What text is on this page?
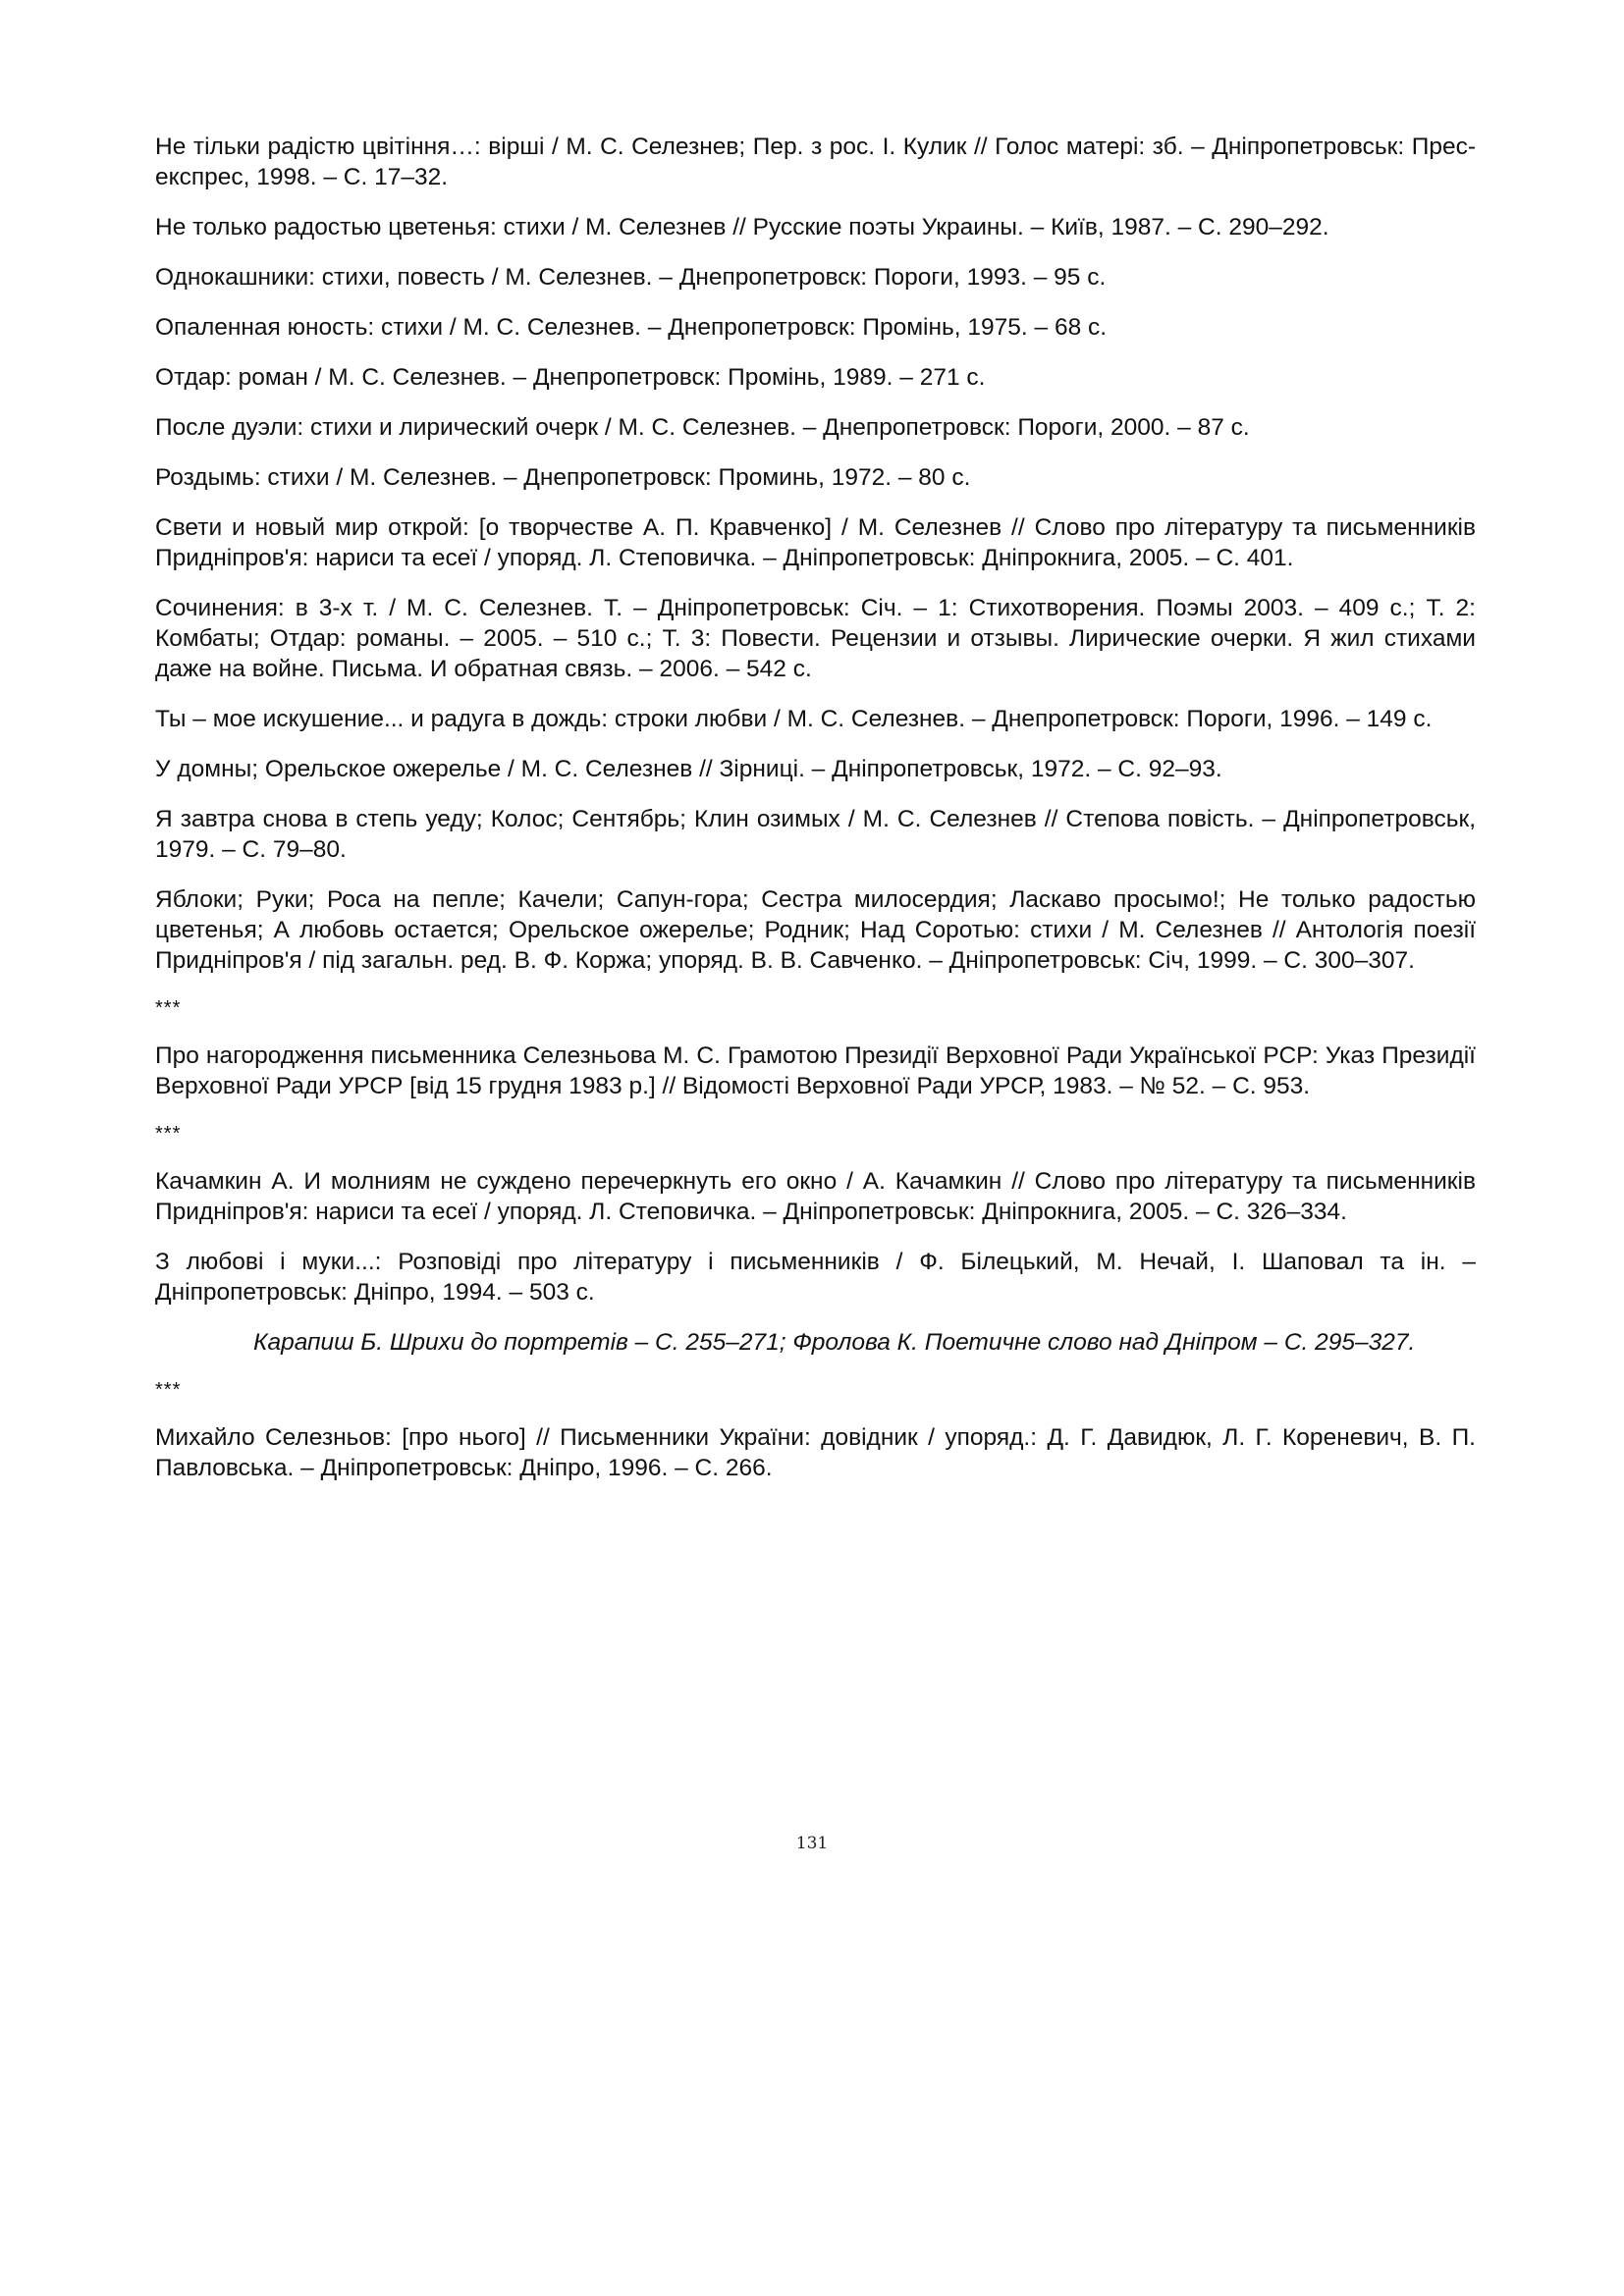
Не тільки радістю цвітіння…: вірші / М. С. Селезнев; Пер. з рос. І. Кулик // Голос матері: зб. – Дніпропетровськ: Прес-експрес, 1998. – С. 17–32.
Не только радостью цветенья: стихи / М. Селезнев // Русские поэты Украины. – Київ, 1987. – С. 290–292.
Однокашники: стихи, повесть / М. Селезнев. – Днепропетровск: Пороги, 1993. – 95 с.
Опаленная юность: стихи / М. С. Селезнев. – Днепропетровск: Промінь, 1975. – 68 с.
Отдар: роман / М. С. Селезнев. – Днепропетровск: Промінь, 1989. – 271 с.
После дуэли: стихи и лирический очерк / М. С. Селезнев. – Днепропетровск: Пороги, 2000. – 87 с.
Роздымь: стихи / М. Селезнев. – Днепропетровск: Проминь, 1972. – 80 с.
Свети и новый мир открой: [о творчестве А. П. Кравченко] / М. Селезнев // Слово про літературу та письменників Придніпров'я: нариси та есеї / упоряд. Л. Степовичка. – Дніпропетровськ: Дніпрокнига, 2005. – С. 401.
Сочинения: в 3-х т. / М. С. Селезнев. Т. – Дніпропетровськ: Січ. – 1: Стихотворения. Поэмы 2003. – 409 с.; Т. 2: Комбаты; Отдар: романы. – 2005. – 510 с.; Т. 3: Повести. Рецензии и отзывы. Лирические очерки. Я жил стихами даже на войне. Письма. И обратная связь. – 2006. – 542 с.
Ты – мое искушение... и радуга в дождь: строки любви / М. С. Селезнев. – Днепропетровск: Пороги, 1996. – 149 с.
У домны; Орельское ожерелье / М. С. Селезнев // Зірниці. – Дніпропетровськ, 1972. – С. 92–93.
Я завтра снова в степь уеду; Колос; Сентябрь; Клин озимых / М. С. Селезнев // Степова повість. – Дніпропетровськ, 1979. – С. 79–80.
Яблоки; Руки; Роса на пепле; Качели; Сапун-гора; Сестра милосердия; Ласкаво просымо!; Не только радостью цветенья; А любовь остается; Орельское ожерелье; Родник; Над Соротью: стихи / М. Селезнев // Антологія поезії Придніпров'я / під загальн. ред. В. Ф. Коржа; упоряд. В. В. Савченко. – Дніпропетровськ: Січ, 1999. – С. 300–307.
***
Про нагородження письменника Селезньова М. С. Грамотою Президії Верховної Ради Української РСР: Указ Президії Верховної Ради УРСР [від 15 грудня 1983 р.] // Відомості Верховної Ради УРСР, 1983. – № 52. – С. 953.
***
Качамкин А. И молниям не суждено перечеркнуть его окно / А. Качамкин // Слово про літературу та письменників Придніпров'я: нариси та есеї / упоряд. Л. Степовичка. – Дніпропетровськ: Дніпрокнига, 2005. – С. 326–334.
З любові і муки...: Розповіді про літературу і письменників / Ф. Білецький, М. Нечай, І. Шаповал та ін. – Дніпропетровськ: Дніпро, 1994. – 503 с.
Карапиш Б. Шрихи до портретів – С. 255–271; Фролова К. Поетичне слово над Дніпром – С. 295–327.
***
Михайло Селезньов: [про нього] // Письменники України: довідник / упоряд.: Д. Г. Давидюк, Л. Г. Кореневич, В. П. Павловська. – Дніпропетровськ: Дніпро, 1996. – С. 266.
131
